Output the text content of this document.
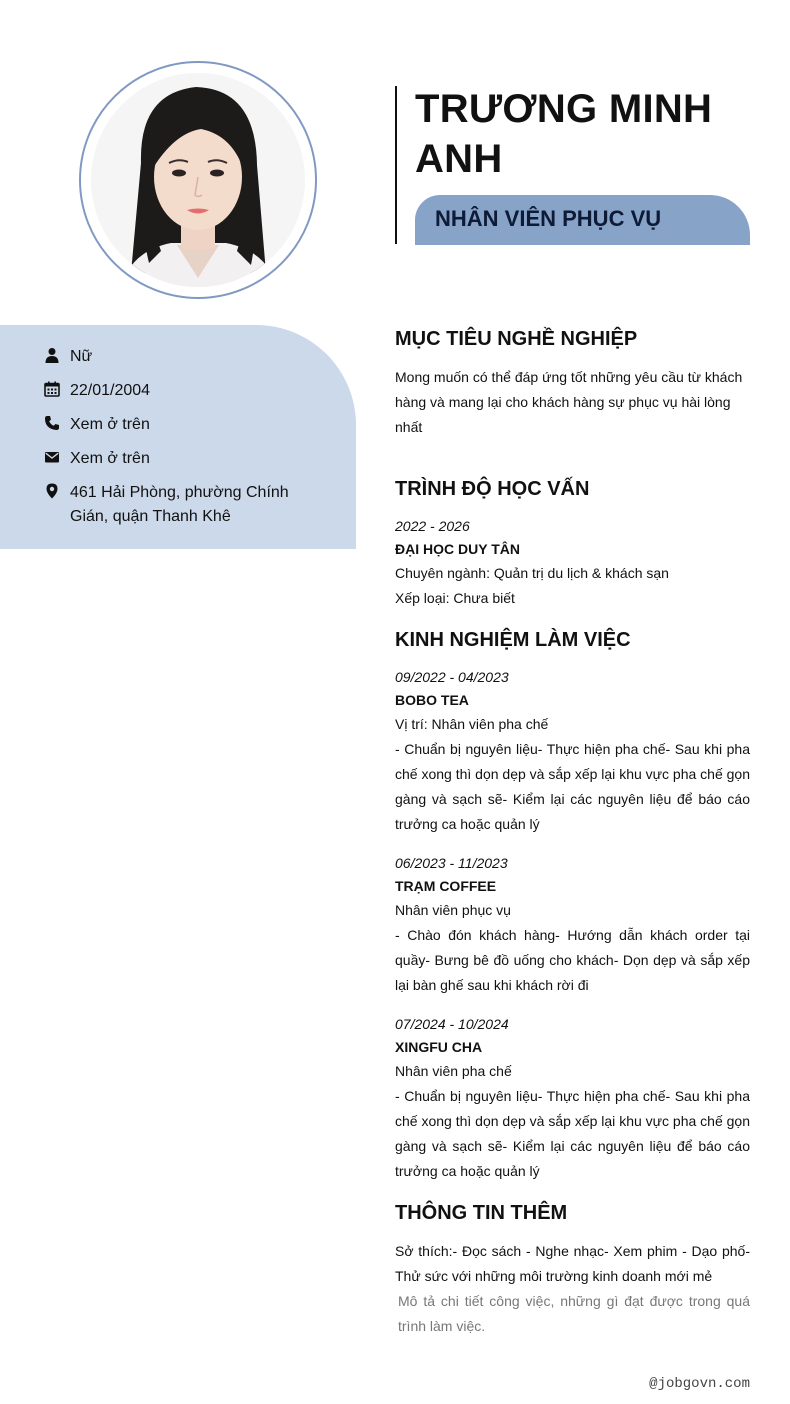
TRƯƠNG MINH ANH
NHÂN VIÊN PHỤC VỤ
Nữ
22/01/2004
Xem ở trên
Xem ở trên
461 Hải Phòng, phường Chính Gián, quận Thanh Khê
MỤC TIÊU NGHỀ NGHIỆP
Mong muốn có thể đáp ứng tốt những yêu cầu từ khách hàng và mang lại cho khách hàng sự phục vụ hài lòng nhất
TRÌNH ĐỘ HỌC VẤN
2022 - 2026
ĐẠI HỌC DUY TÂN
Chuyên ngành: Quản trị du lịch & khách sạn
Xếp loại: Chưa biết
KINH NGHIỆM LÀM VIỆC
09/2022 - 04/2023
BOBO TEA
Vị trí: Nhân viên pha chế
- Chuẩn bị nguyên liệu- Thực hiện pha chế- Sau khi pha chế xong thì dọn dẹp và sắp xếp lại khu vực pha chế gọn gàng và sạch sẽ- Kiểm lại các nguyên liệu để báo cáo trưởng ca hoặc quản lý
06/2023 - 11/2023
TRẠM COFFEE
Nhân viên phục vụ
- Chào đón khách hàng- Hướng dẫn khách order tại quầy- Bưng bê đồ uống cho khách- Dọn dẹp và sắp xếp lại bàn ghế sau khi khách rời đi
07/2024 - 10/2024
XINGFU CHA
Nhân viên pha chế
- Chuẩn bị nguyên liệu- Thực hiện pha chế- Sau khi pha chế xong thì dọn dẹp và sắp xếp lại khu vực pha chế gọn gàng và sạch sẽ- Kiểm lại các nguyên liệu để báo cáo trưởng ca hoặc quản lý
THÔNG TIN THÊM
Sở thích:- Đọc sách - Nghe nhạc- Xem phim - Dạo phố- Thử sức với những môi trường kinh doanh mới mẻ
Mô tả chi tiết công việc, những gì đạt được trong quá trình làm việc.
@jobgovn.com
